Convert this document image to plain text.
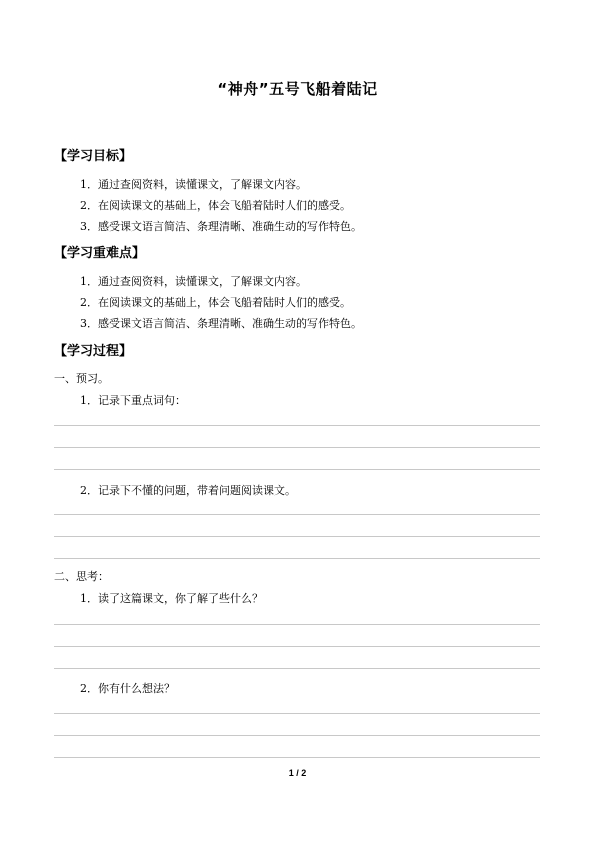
“神舟”五号飞船着陆记
【学习目标】
1．通过查阅资料，读懂课文，了解课文内容。
2．在阅读课文的基础上，体会飞船着陆时人们的感受。
3．感受课文语言简洁、条理清晰、准确生动的写作特色。
【学习重难点】
1．通过查阅资料，读懂课文，了解课文内容。
2．在阅读课文的基础上，体会飞船着陆时人们的感受。
3．感受课文语言简洁、条理清晰、准确生动的写作特色。
【学习过程】
一、预习。
1．记录下重点词句：
2．记录下不懂的问题，带着问题阅读课文。
二、思考：
1．读了这篇课文，你了解了些什么？
2．你有什么想法？
1 / 2
